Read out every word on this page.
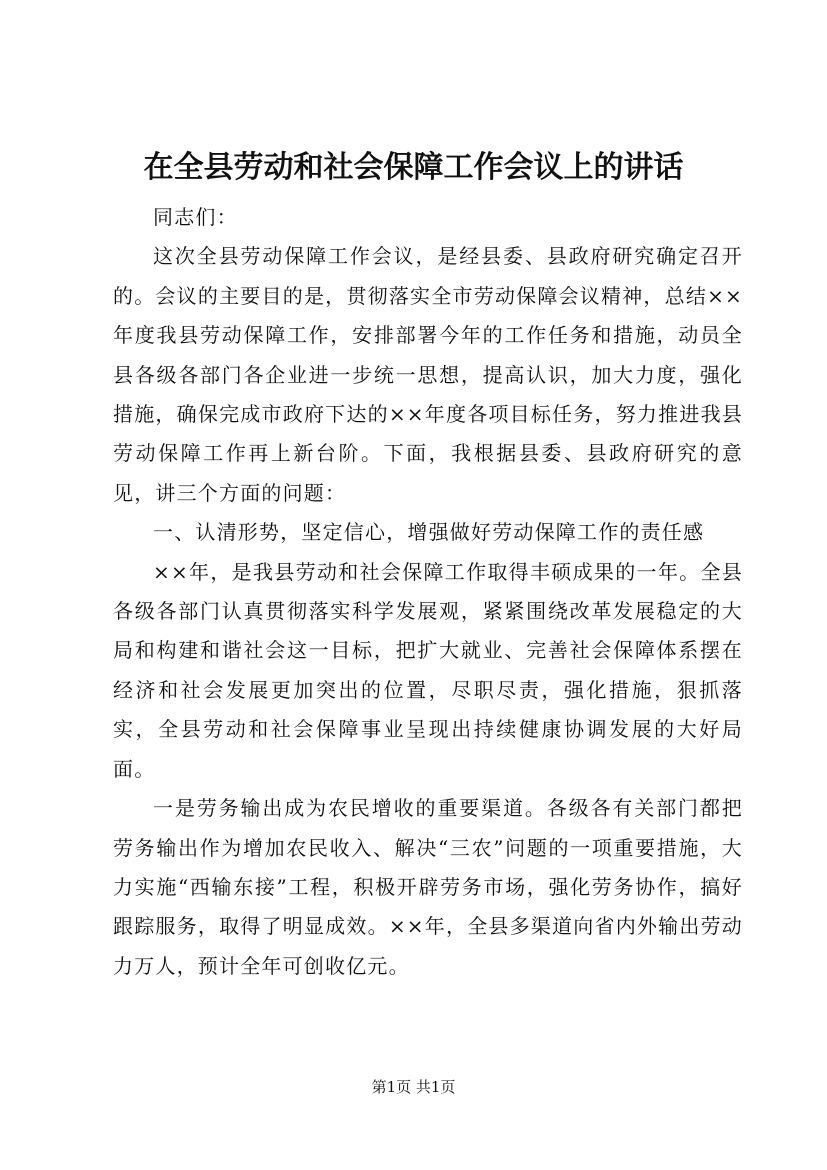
在全县劳动和社会保障工作会议上的讲话

同志们：

这次全县劳动保障工作会议，是经县委、县政府研究确定召开的。会议的主要目的是，贯彻落实全市劳动保障会议精神，总结××年度我县劳动保障工作，安排部署今年的工作任务和措施，动员全县各级各部门各企业进一步统一思想，提高认识，加大力度，强化措施，确保完成市政府下达的××年度各项目标任务，努力推进我县劳动保障工作再上新台阶。下面，我根据县委、县政府研究的意见，讲三个方面的问题：

一、认清形势，坚定信心，增强做好劳动保障工作的责任感

××年，是我县劳动和社会保障工作取得丰硕成果的一年。全县各级各部门认真贯彻落实科学发展观，紧紧围绕改革发展稳定的大局和构建和谐社会这一目标，把扩大就业、完善社会保障体系摆在经济和社会发展更加突出的位置，尽职尽责，强化措施，狠抓落实，全县劳动和社会保障事业呈现出持续健康协调发展的大好局面。

一是劳务输出成为农民增收的重要渠道。各级各有关部门都把劳务输出作为增加农民收入、解决“三农”问题的一项重要措施，大力实施“西输东接”工程，积极开辟劳务市场，强化劳务协作，搞好跟踪服务，取得了明显成效。××年，全县多渠道向省内外输出劳动力万人，预计全年可创收亿元。

第1页 共1页
